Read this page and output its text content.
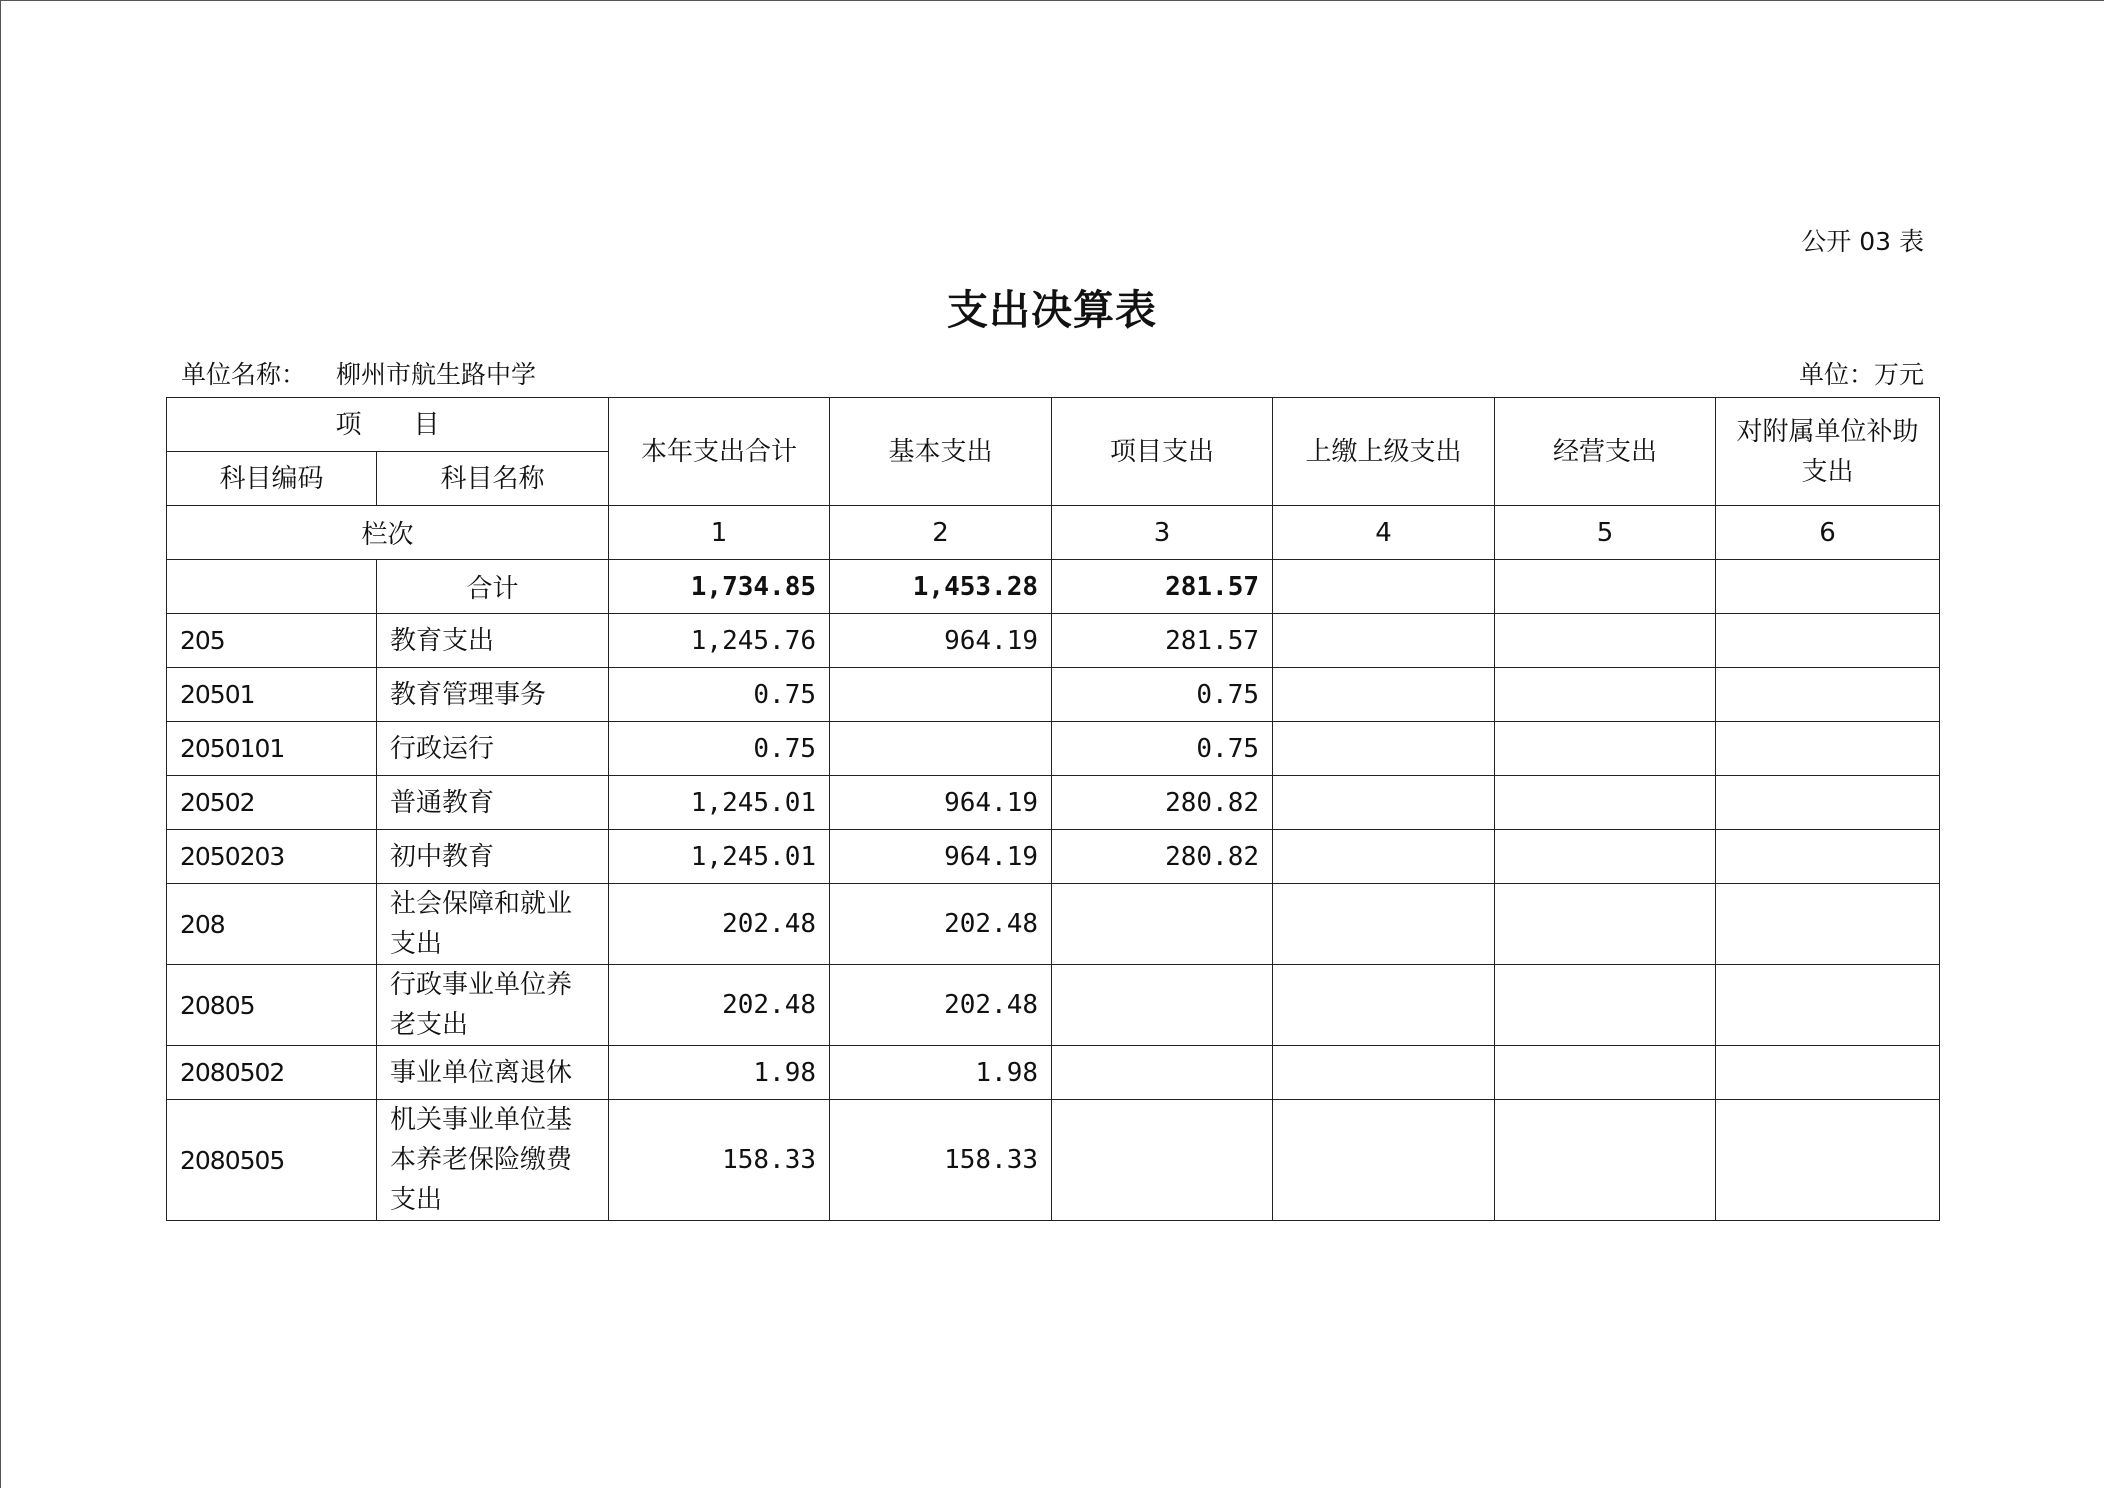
公开 03 表
支出决算表
单位名称： 柳州市航生路中学	单位：万元
项　　目		本年支出合计	基本支出	项目支出	上缴上级支出	经营支出	对附属单位补助支出
科目编码	科目名称						
栏次		1	2	3	4	5	6
	合计	1,734.85	1,453.28	281.57			
205	教育支出	1,245.76	964.19	281.57			
20501	教育管理事务	0.75		0.75			
2050101	行政运行	0.75		0.75			
20502	普通教育	1,245.01	964.19	280.82			
2050203	初中教育	1,245.01	964.19	280.82			
208	社会保障和就业支出	202.48	202.48				
20805	行政事业单位养老支出	202.48	202.48				
2080502	事业单位离退休	1.98	1.98				
2080505	机关事业单位基本养老保险缴费支出	158.33	158.33				
